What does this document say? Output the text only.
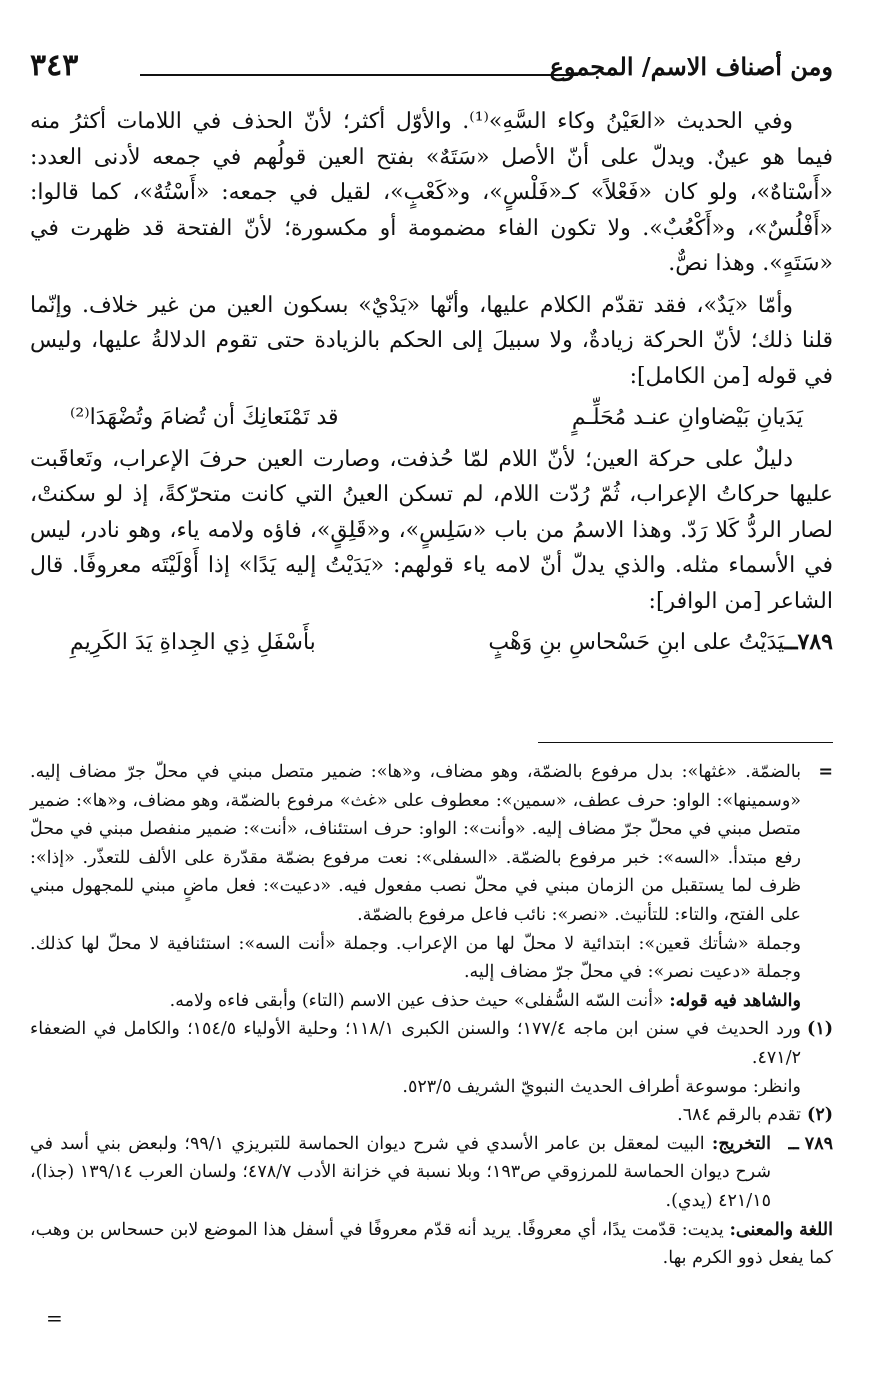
ومن أصناف الاسم/ المجموع
٣٤٣

وفي الحديث «العَيْنُ وكاء السَّهِ»⁽¹⁾. والأوّل أكثر؛ لأنّ الحذف في اللامات أكثرُ منه فيما هو عينٌ. ويدلّ على أنّ الأصل «سَتَهٌ» بفتح العين قولُهم في جمعه لأدنى العدد: «أَسْتاهٌ»، ولو كان «فَعْلاً» كـ«فَلْسٍ»، و«كَعْبٍ»، لقيل في جمعه: «أَسْتُهٌ»، كما قالوا: «أَفْلُسٌ»، و«أَكْعُبٌ». ولا تكون الفاء مضمومة أو مكسورة؛ لأنّ الفتحة قد ظهرت في «سَتَهٍ». وهذا نصٌّ.

وأمّا «يَدٌ»، فقد تقدّم الكلام عليها، وأنّها «يَدْيٌ» بسكون العين من غير خلاف. وإنّما قلنا ذلك؛ لأنّ الحركة زيادةٌ، ولا سبيلَ إلى الحكم بالزيادة حتى تقوم الدلالةُ عليها، وليس في قوله [من الكامل]:

يَدَيانِ بَيْضاوانِ عنـد مُحَلِّـمٍ
قد تَمْنَعانِكَ أن تُضامَ وتُضْهَدَا⁽²⁾

دليلٌ على حركة العين؛ لأنّ اللام لمّا حُذفت، وصارت العين حرفَ الإعراب، وتَعاقَبت عليها حركاتُ الإعراب، ثُمّ رُدّت اللام، لم تسكن العينُ التي كانت متحرّكةً، إذ لو سكنتْ، لصار الردُّ كَلا رَدّ. وهذا الاسمُ من باب «سَلِسٍ»، و«قَلِقٍ»، فاؤه ولامه ياء، وهو نادر، ليس في الأسماء مثله. والذي يدلّ أنّ لامه ياء قولهم: «يَدَيْتُ إليه يَدًا» إذا أَوْلَيْتَه معروفًا. قال الشاعر [من الوافر]:

٧٨٩ــيَدَيْتُ على ابنِ حَسْحاسِ بنِ وَهْبٍ
بأَسْفَلِ ذِي الجِداةِ يَدَ الكَرِيمِ
=
بالضمّة. «غثها»: بدل مرفوع بالضمّة، وهو مضاف، و«ها»: ضمير متصل مبني في محلّ جرّ مضاف إليه. «وسمينها»: الواو: حرف عطف، «سمين»: معطوف على «غث» مرفوع بالضمّة، وهو مضاف، و«ها»: ضمير متصل مبني في محلّ جرّ مضاف إليه. «وأنت»: الواو: حرف استئناف، «أنت»: ضمير منفصل مبني في محلّ رفع مبتدأ. «السه»: خبر مرفوع بالضمّة. «السفلى»: نعت مرفوع بضمّة مقدّرة على الألف للتعذّر. «إذا»: ظرف لما يستقبل من الزمان مبني في محلّ نصب مفعول فيه. «دعيت»: فعل ماضٍ مبني للمجهول مبني على الفتح، والتاء: للتأنيث. «نصر»: نائب فاعل مرفوع بالضمّة.

وجملة «شأتك قعين»: ابتدائية لا محلّ لها من الإعراب. وجملة «أنت السه»: استئنافية لا محلّ لها كذلك. وجملة «دعيت نصر»: في محلّ جرّ مضاف إليه.

والشاهد فيه قوله: «أنت السّه السُّفلى» حيث حذف عين الاسم (التاء) وأبقى فاءه ولامه.

(١)
ورد الحديث في سنن ابن ماجه ١٧٧/٤؛ والسنن الكبرى ١١٨/١؛ وحلية الأولياء ١٥٤/٥؛ والكامل في الضعفاء ٤٧١/٢.

وانظر: موسوعة أطراف الحديث النبويّ الشريف ٥٢٣/٥.

(٢)
تقدم بالرقم ٦٨٤.
٧٨٩ ــ
التخريج: البيت لمعقل بن عامر الأسدي في شرح ديوان الحماسة للتبريزي ٩٩/١؛ ولبعض بني أسد في شرح ديوان الحماسة للمرزوقي ص١٩٣؛ وبلا نسبة في خزانة الأدب ٤٧٨/٧؛ ولسان العرب ١٣٩/١٤ (جذا)، ٤٢١/١٥ (يدي).

اللغة والمعنى: يديت: قدّمت يدًا، أي معروفًا. يريد أنه قدّم معروفًا في أسفل هذا الموضع لابن حسحاس بن وهب، كما يفعل ذوو الكرم بها.

=
